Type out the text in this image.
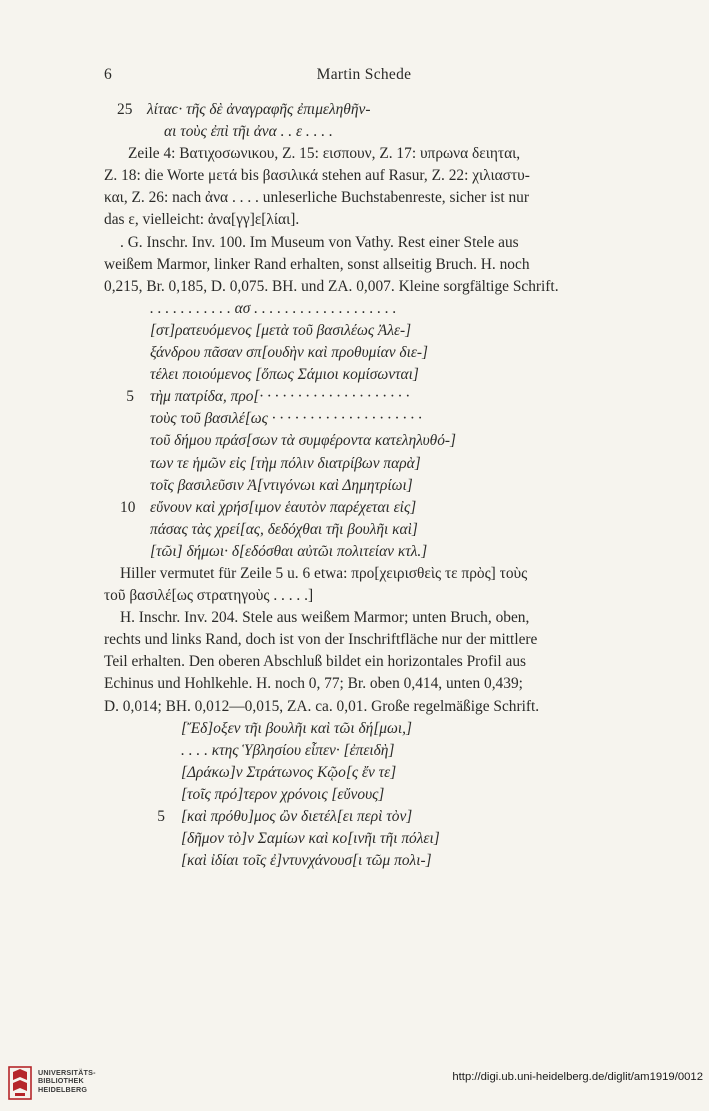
6	Martin Schede
25 λίταϲ· τῆς δὲ ἀναγραφῆς ἐπιμεληθῆν-
αι τοὺς ἐπὶ τῆι ἀνα . . ε . . . .
Zeile 4: Βατιχοσωνικου, Z. 15: εισπουν, Z. 17: υπρωνα δειηται,
Z. 18: die Worte μετά bis βασιλικά stehen auf Rasur, Z. 22: χιλιαστυ-
και, Z. 26: nach ἀνα . . . . unleserliche Buchstabenreste, sicher ist nur
das ε, vielleicht: ἀνα[γγ]ε[λίαι].
. G. Inschr. Inv. 100. Im Museum von Vathy. Rest einer Stele aus
weißem Marmor, linker Rand erhalten, sonst allseitig Bruch. H. noch
0,215, Br. 0,185, D. 0,075. BH. und ZA. 0,007. Kleine sorgfältige Schrift.
. . . . . . . . . . . ασ . . . . . . . . . . . . . . . . . . .
[στ]ρατευόμενος [μετὰ τοῦ βασιλέως Ἀλε-]
ξάνδρου πᾶσαν σπ[ουδὴν καὶ προθυμίαν διε-]
τέλει ποιούμενος [ὅπως Σάμιοι κομίσωνται]
5 τὴμ πατρίδα, προ[· · · · · · · · · · · · · · · · · · · ·
τοὺς τοῦ βασιλέ[ως · · · · · · · · · · · · · · · · · · · ·
τοῦ δήμου πράσ[σων τὰ συμφέροντα κατεληλυθό-]
των τε ἡμῶν εἰς [τὴμ πόλιν διατρίβων παρὰ]
τοῖς βασιλεῦσιν Ἀ[ντιγόνωι καὶ Δημητρίωι]
10 εὔνουν καὶ χρήσ[ιμον ἑαυτὸν παρέχεται εἰς]
πάσας τὰς χρεί[ας, δεδόχθαι τῆι βουλῆι καὶ]
[τῶι] δήμωι· δ[εδόσθαι αὐτῶι πολιτείαν κτλ.]
Hiller vermutet für Zeile 5 u. 6 etwa: προ[χειρισθεὶς τε πρὸς] τοὺς
τοῦ βασιλέ[ως στρατηγοὺς . . . . .]
H. Inschr. Inv. 204. Stele aus weißem Marmor; unten Bruch, oben,
rechts und links Rand, doch ist von der Inschriftfläche nur der mittlere
Teil erhalten. Den oberen Abschluß bildet ein horizontales Profil aus
Echinus und Hohlkehle. H. noch 0, 77; Br. oben 0,414, unten 0,439;
D. 0,014; BH. 0,012—0,015, ZA. ca. 0,01. Große regelmäßige Schrift.
[Ἔδ]οξεν τῆι βουλῆι καὶ τῶι δή[μωι,]
. . . . κτης Ὑβλησίου εἶπεν· [ἐπειδὴ]
[Δράκω]ν Στράτωνος Κῷο[ς ἔν τε]
[τοῖς πρό]τερον χρόνοις [εὔνους]
5 [καὶ πρόθυ]μος ὢν διετέλ[ει περὶ τὸν]
[δῆμον τὸ]ν Σαμίων καὶ κο[ινῆι τῆι πόλει]
[καὶ ἰδίαι τοῖς ἐ]ντυνχάνουσ[ι τῶμ πολι-]
UNIVERSITÄTS-
BIBLIOTHEK
HEIDELBERG
http://digi.ub.uni-heidelberg.de/diglit/am1919/0012
